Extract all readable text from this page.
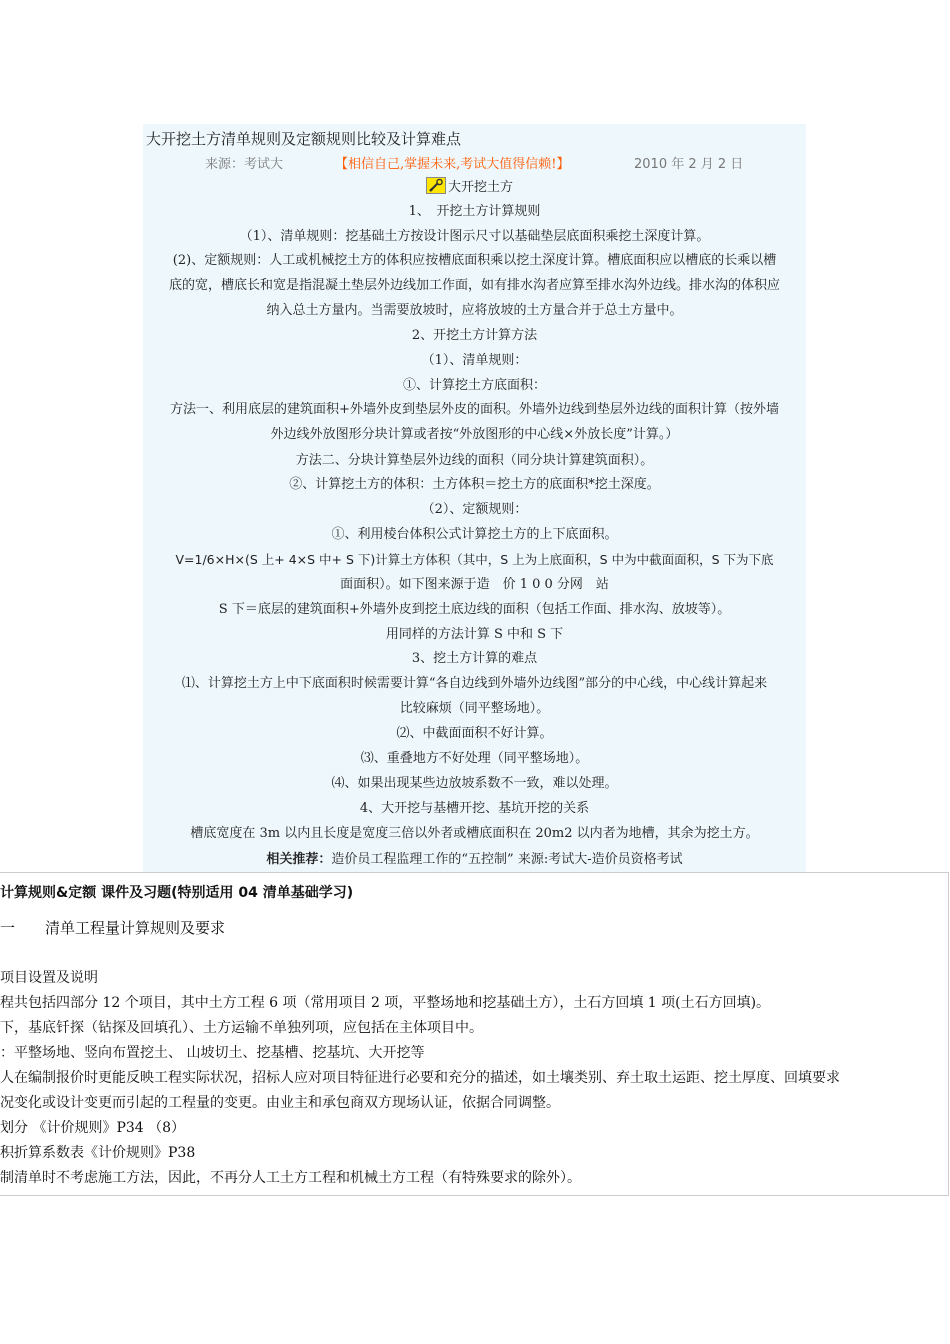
大开挖土方清单规则及定额规则比较及计算难点
来源：考试大	【相信自己,掌握未来,考试大值得信赖!】	2010 年 2 月 2 日
大开挖土方
1、　开挖土方计算规则
（1）、清单规则：挖基础土方按设计图示尺寸以基础垫层底面积乘挖土深度计算。
(2)、定额规则：人工或机械挖土方的体积应按槽底面积乘以挖土深度计算。槽底面积应以槽底的长乘以槽
底的宽，槽底长和宽是指混凝土垫层外边线加工作面，如有排水沟者应算至排水沟外边线。排水沟的体积应
纳入总土方量内。当需要放坡时，应将放坡的土方量合并于总土方量中。
2、开挖土方计算方法
（1）、清单规则：
①、计算挖土方底面积：
方法一、利用底层的建筑面积+外墙外皮到垫层外皮的面积。外墙外边线到垫层外边线的面积计算（按外墙
外边线外放图形分块计算或者按“外放图形的中心线×外放长度”计算。）
方法二、分块计算垫层外边线的面积（同分块计算建筑面积）。
②、计算挖土方的体积：土方体积＝挖土方的底面积*挖土深度。
（2）、定额规则：
①、利用棱台体积公式计算挖土方的上下底面积。
V=1/6×H×(S 上+ 4×S 中+ S 下)计算土方体积（其中，S 上为上底面积，S 中为中截面面积，S 下为下底
面面积）。如下图来源于造　价 1 0 0 分网　站
S 下＝底层的建筑面积+外墙外皮到挖土底边线的面积（包括工作面、排水沟、放坡等）。
用同样的方法计算 S 中和 S 下
3、挖土方计算的难点
⑴、计算挖土方上中下底面积时候需要计算“各自边线到外墙外边线图”部分的中心线，中心线计算起来
比较麻烦（同平整场地）。
⑵、中截面面积不好计算。
⑶、重叠地方不好处理（同平整场地）。
⑷、如果出现某些边放坡系数不一致，难以处理。
4、大开挖与基槽开挖、基坑开挖的关系
槽底宽度在 3m 以内且长度是宽度三倍以外者或槽底面积在 20m2 以内者为地槽，其余为挖土方。
相关推荐：造价员工程监理工作的“五控制” 来源:考试大-造价员资格考试
计算规则&定额 课件及习题(特别适用 04 清单基础学习)
一　　清单工程量计算规则及要求
项目设置及说明
程共包括四部分 12 个项目，其中土方工程 6 项（常用项目 2 项，平整场地和挖基础土方），土石方回填 1 项(土石方回填)。
下，基底钎探（钻探及回填孔）、土方运输不单独列项，应包括在主体项目中。
：平整场地、竖向布置挖土、 山坡切土、挖基槽、挖基坑、大开挖等
人在编制报价时更能反映工程实际状况，招标人应对项目特征进行必要和充分的描述，如土壤类别、弃土取土运距、挖土厚度、回填要求
况变化或设计变更而引起的工程量的变更。由业主和承包商双方现场认证，依据合同调整。
划分 《计价规则》P34 （8）
积折算系数表《计价规则》P38
制清单时不考虑施工方法，因此，不再分人工土方工程和机械土方工程（有特殊要求的除外）。
